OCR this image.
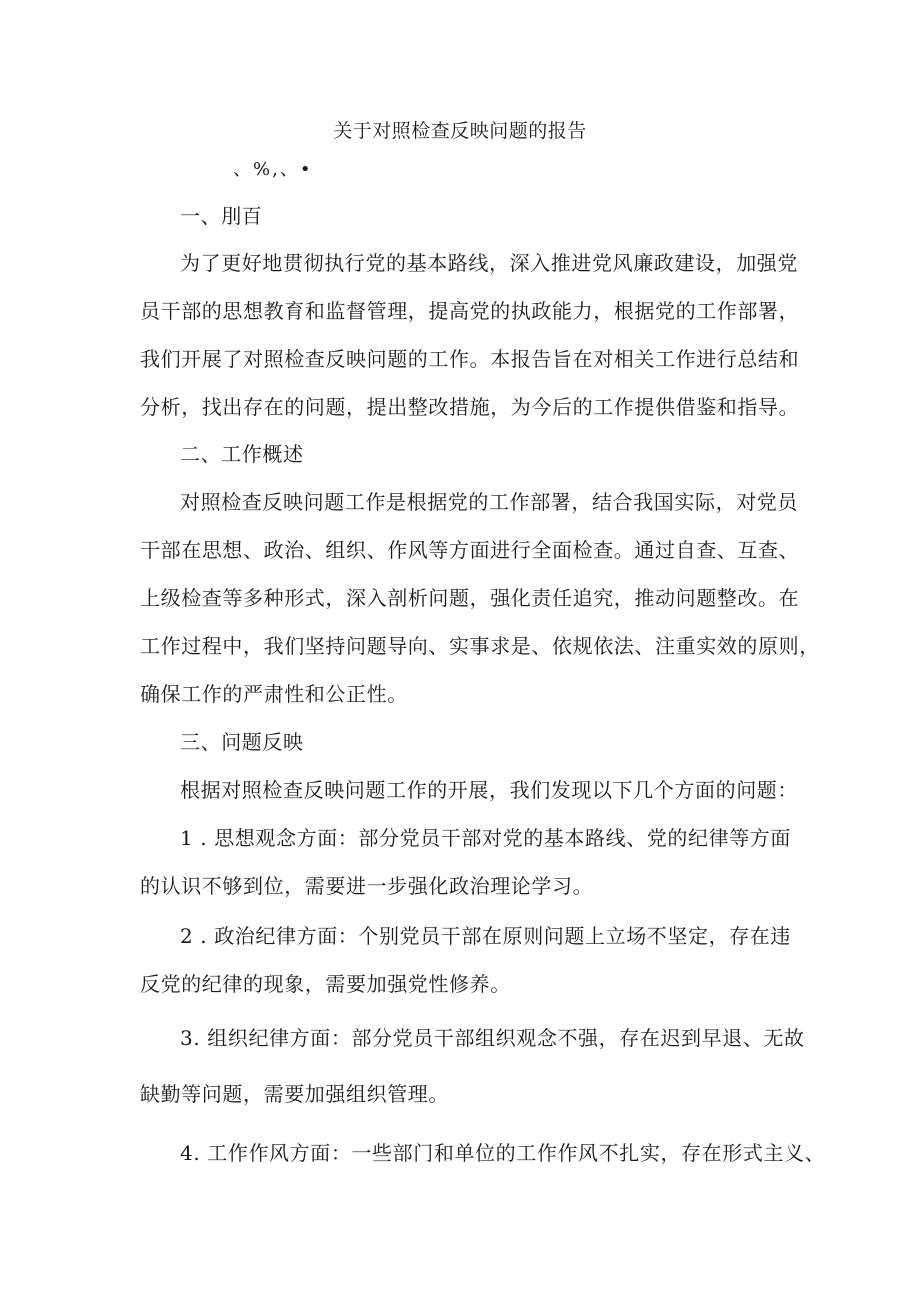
关于对照检查反映问题的报告
、%,、•
一、刖百
为了更好地贯彻执行党的基本路线，深入推进党风廉政建设，加强党
员干部的思想教育和监督管理，提高党的执政能力，根据党的工作部署，
我们开展了对照检查反映问题的工作。本报告旨在对相关工作进行总结和
分析，找出存在的问题，提出整改措施，为今后的工作提供借鉴和指导。
二、工作概述
对照检查反映问题工作是根据党的工作部署，结合我国实际，对党员
干部在思想、政治、组织、作风等方面进行全面检查。通过自查、互查、
上级检查等多种形式，深入剖析问题，强化责任追究，推动问题整改。在
工作过程中，我们坚持问题导向、实事求是、依规依法、注重实效的原则，
确保工作的严肃性和公正性。
三、问题反映
根据对照检查反映问题工作的开展，我们发现以下几个方面的问题：
1 . 思想观念方面：部分党员干部对党的基本路线、党的纪律等方面
的认识不够到位，需要进一步强化政治理论学习。
2 . 政治纪律方面：个别党员干部在原则问题上立场不坚定，存在违
反党的纪律的现象，需要加强党性修养。
3. 组织纪律方面：部分党员干部组织观念不强，存在迟到早退、无故
缺勤等问题，需要加强组织管理。
4. 工作作风方面：一些部门和单位的工作作风不扎实，存在形式主义、
